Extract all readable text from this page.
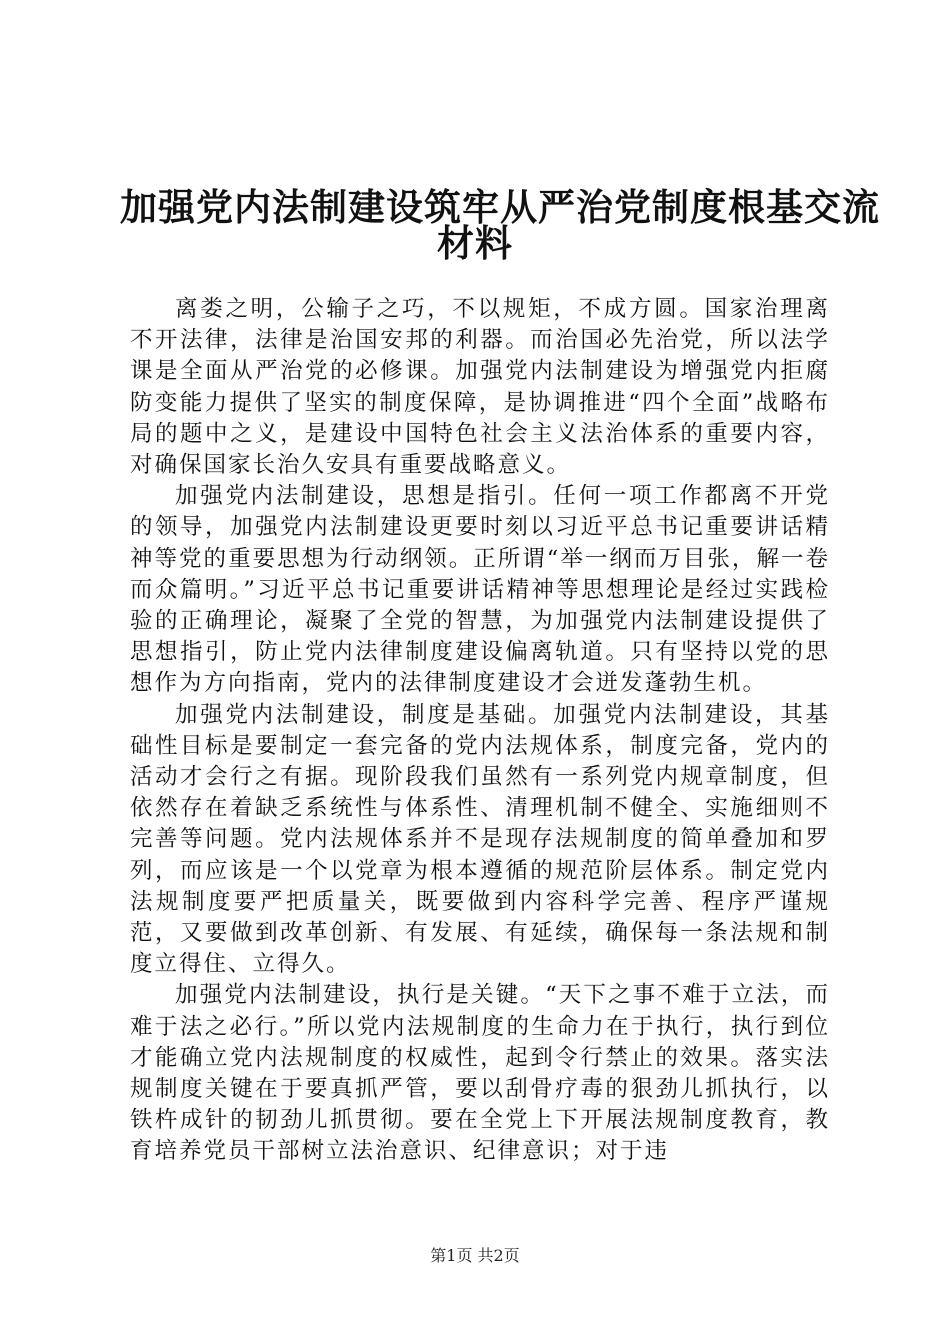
加强党内法制建设筑牢从严治党制度根基交流
材料

离娄之明，公输子之巧，不以规矩，不成方圆。国家治理离不开法律，法律是治国安邦的利器。而治国必先治党，所以法学课是全面从严治党的必修课。加强党内法制建设为增强党内拒腐防变能力提供了坚实的制度保障，是协调推进“四个全面”战略布局的题中之义，是建设中国特色社会主义法治体系的重要内容，对确保国家长治久安具有重要战略意义。

加强党内法制建设，思想是指引。任何一项工作都离不开党的领导，加强党内法制建设更要时刻以习近平总书记重要讲话精神等党的重要思想为行动纲领。正所谓“举一纲而万目张，解一卷而众篇明。”习近平总书记重要讲话精神等思想理论是经过实践检验的正确理论，凝聚了全党的智慧，为加强党内法制建设提供了思想指引，防止党内法律制度建设偏离轨道。只有坚持以党的思想作为方向指南，党内的法律制度建设才会迸发蓬勃生机。

加强党内法制建设，制度是基础。加强党内法制建设，其基础性目标是要制定一套完备的党内法规体系，制度完备，党内的活动才会行之有据。现阶段我们虽然有一系列党内规章制度，但依然存在着缺乏系统性与体系性、清理机制不健全、实施细则不完善等问题。党内法规体系并不是现存法规制度的简单叠加和罗列，而应该是一个以党章为根本遵循的规范阶层体系。制定党内法规制度要严把质量关，既要做到内容科学完善、程序严谨规范，又要做到改革创新、有发展、有延续，确保每一条法规和制度立得住、立得久。

加强党内法制建设，执行是关键。“天下之事不难于立法，而难于法之必行。”所以党内法规制度的生命力在于执行，执行到位才能确立党内法规制度的权威性，起到令行禁止的效果。落实法规制度关键在于要真抓严管，要以刮骨疗毒的狠劲儿抓执行，以铁杵成针的韧劲儿抓贯彻。要在全党上下开展法规制度教育，教育培养党员干部树立法治意识、纪律意识；对于违

第1页 共2页
